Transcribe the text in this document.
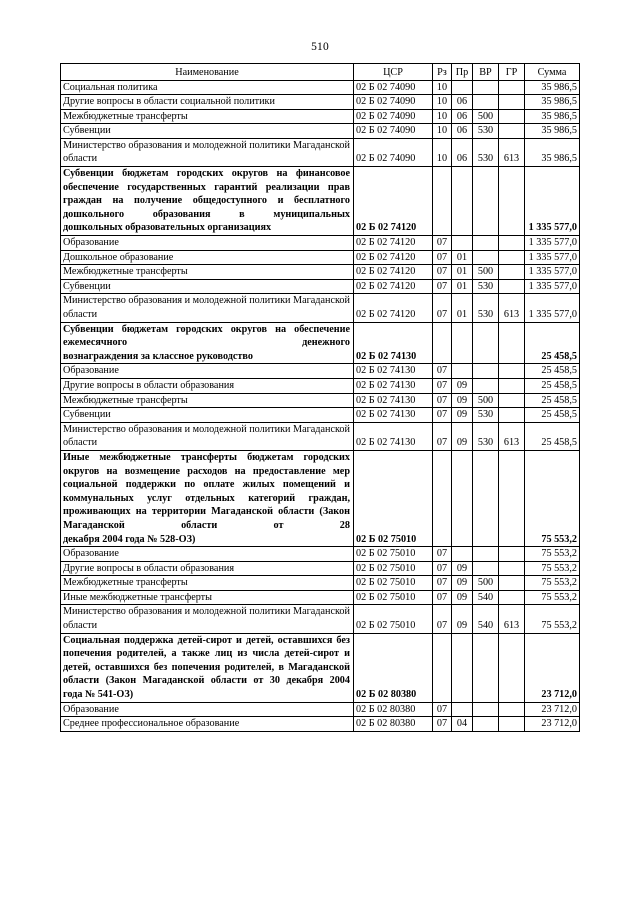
510
Наименование	ЦСР	Рз	Пр	ВР	ГР	Сумма
Социальная политика	02 Б 02 74090	10				35 986,5
Другие вопросы в области социальной политики	02 Б 02 74090	10	06			35 986,5
Межбюджетные трансферты	02 Б 02 74090	10	06	500		35 986,5
Субвенции	02 Б 02 74090	10	06	530		35 986,5
Министерство образования и молодежной политики Магаданской области	02 Б 02 74090	10	06	530	613	35 986,5

Субвенции бюджетам городских округов на финансовое обеспечение государственных гарантий реализации прав граждан на получение общедоступного и бесплатного дошкольного образования в муниципальных
дошкольных образовательных организациях	02 Б 02 74120					1 335 577,0
Образование	02 Б 02 74120	07				1 335 577,0
Дошкольное образование	02 Б 02 74120	07	01			1 335 577,0
Межбюджетные трансферты	02 Б 02 74120	07	01	500		1 335 577,0
Субвенции	02 Б 02 74120	07	01	530		1 335 577,0
Министерство образования и молодежной политики Магаданской области	02 Б 02 74120	07	01	530	613	1 335 577,0

Субвенции бюджетам городских округов на обеспечение ежемесячного денежного
вознаграждения за классное руководство	02 Б 02 74130					25 458,5
Образование	02 Б 02 74130	07				25 458,5
Другие вопросы в области образования	02 Б 02 74130	07	09			25 458,5
Межбюджетные трансферты	02 Б 02 74130	07	09	500		25 458,5
Субвенции	02 Б 02 74130	07	09	530		25 458,5
Министерство образования и молодежной политики Магаданской области	02 Б 02 74130	07	09	530	613	25 458,5

Иные межбюджетные трансферты бюджетам городских округов на возмещение расходов на предоставление мер социальной поддержки по оплате жилых помещений и коммунальных услуг отдельных категорий граждан, проживающих на территории Магаданской области (Закон Магаданской области от 28
декабря 2004 года № 528-ОЗ)	02 Б 02 75010					75 553,2
Образование	02 Б 02 75010	07				75 553,2
Другие вопросы в области образования	02 Б 02 75010	07	09			75 553,2
Межбюджетные трансферты	02 Б 02 75010	07	09	500		75 553,2
Иные межбюджетные трансферты	02 Б 02 75010	07	09	540		75 553,2
Министерство образования и молодежной политики Магаданской области	02 Б 02 75010	07	09	540	613	75 553,2

Социальная поддержка детей-сирот и детей, оставшихся без попечения родителей, а также лиц из числа детей-сирот и детей, оставшихся без попечения родителей, в Магаданской области (Закон Магаданской области от 30 декабря 2004
года № 541-ОЗ)	02 Б 02 80380					23 712,0
Образование	02 Б 02 80380	07				23 712,0
Среднее профессиональное образование	02 Б 02 80380	07	04			23 712,0
